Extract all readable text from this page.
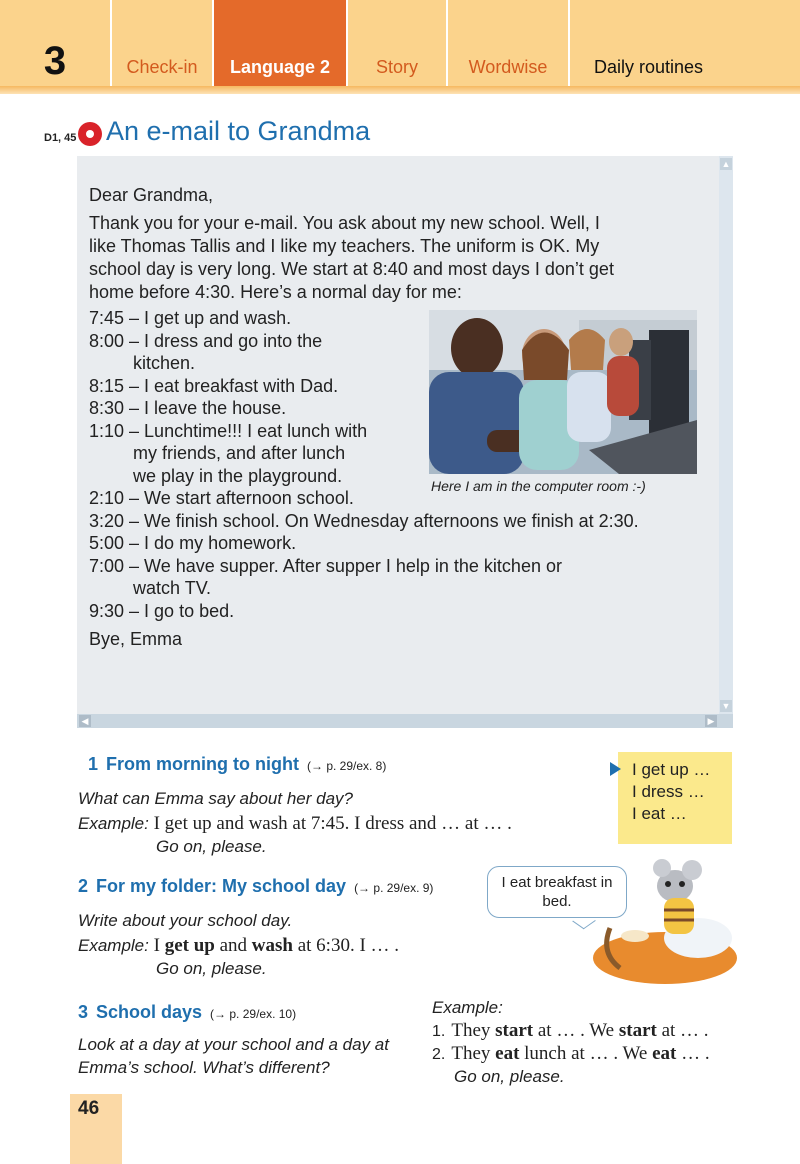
3	Check-in	Language 2	Story	Wordwise	Daily routines
D1, 45 An e-mail to Grandma
▲
▼
◀	▶
Dear Grandma,
Thank you for your e-mail. You ask about my new school. Well, I
like Thomas Tallis and I like my teachers. The uniform is OK. My
school day is very long. We start at 8:40 and most days I don’t get
home before 4:30. Here’s a normal day for me:
7:45 – I get up and wash.
8:00 – I dress and go into the
kitchen.
8:15 – I eat breakfast with Dad.
8:30 – I leave the house.
1:10 – Lunchtime!!! I eat lunch with
my friends, and after lunch
we play in the playground.
2:10 – We start afternoon school.
3:20 – We finish school. On Wednesday afternoons we finish at 2:30.
5:00 – I do my homework.
7:00 – We have supper. After supper I help in the kitchen or
watch TV.
9:30 – I go to bed.
Bye, Emma
Here I am in the computer room :-)
1 From morning to night (→ p. 29/ex. 8)
What can Emma say about her day?
Example: I get up and wash at 7:45. I dress and … at … .
Go on, please.
I get up …
I dress …
I eat …
2 For my folder: My school day (→ p. 29/ex. 9)
Write about your school day.
Example: I get up and wash at 6:30. I … .
Go on, please.
I eat breakfast in
bed.
3 School days (→ p. 29/ex. 10)
Look at a day at your school and a day at
Emma’s school. What’s different?
Example:
1. They start at … . We start at … .
2. They eat lunch at … . We eat … .
Go on, please.
46
